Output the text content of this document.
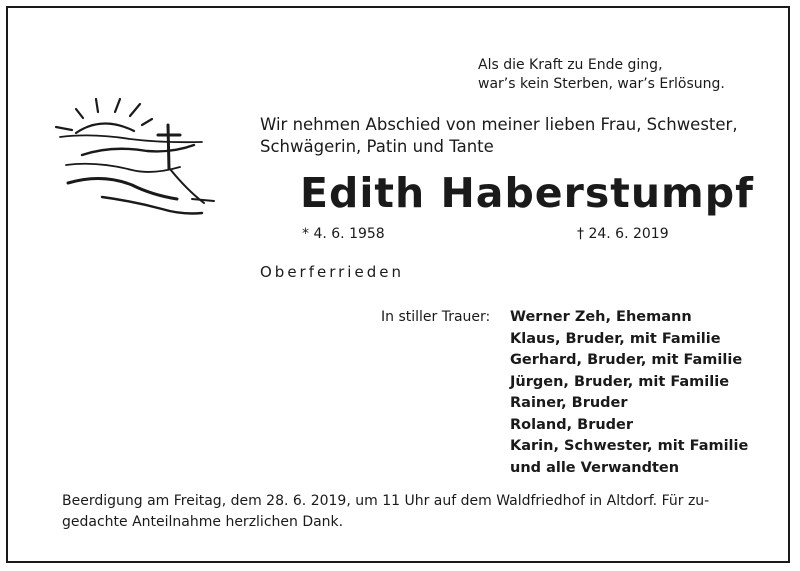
Als die Kraft zu Ende ging,
war’s kein Sterben, war’s Erlösung.
Wir nehmen Abschied von meiner lieben Frau, Schwester,
Schwägerin, Patin und Tante
Edith Haberstumpf
* 4. 6. 1958	† 24. 6. 2019
Oberferrieden
In stiller Trauer: Werner Zeh, Ehemann
Klaus, Bruder, mit Familie
Gerhard, Bruder, mit Familie
Jürgen, Bruder, mit Familie
Rainer, Bruder
Roland, Bruder
Karin, Schwester, mit Familie
und alle Verwandten
Beerdigung am Freitag, dem 28. 6. 2019, um 11 Uhr auf dem Waldfriedhof in Altdorf. Für zu-
gedachte Anteilnahme herzlichen Dank.
